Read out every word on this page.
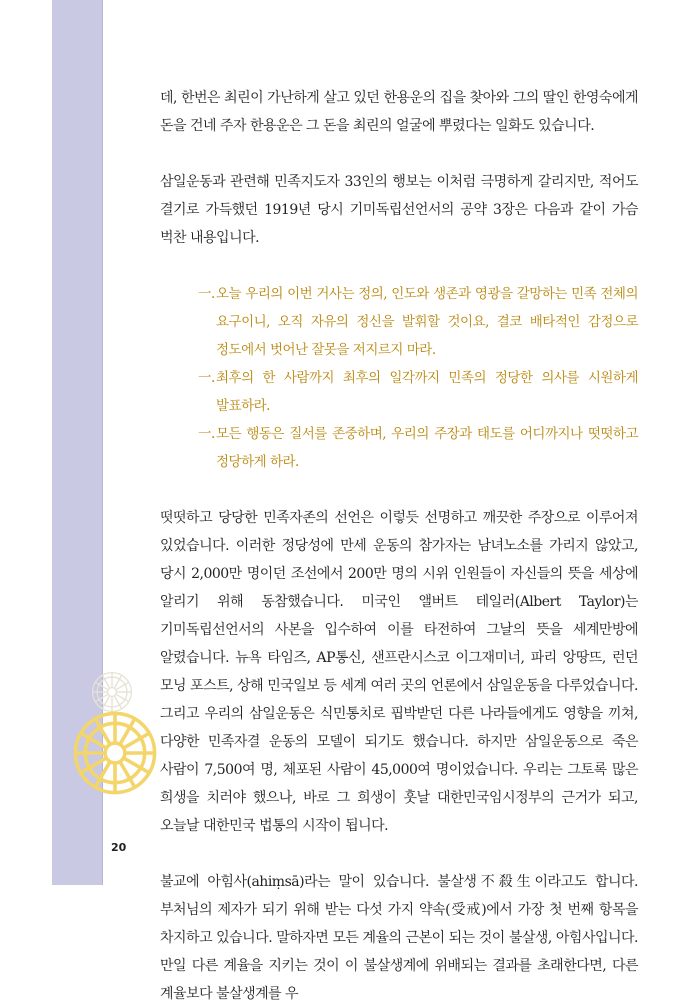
데, 한번은 최린이 가난하게 살고 있던 한용운의 집을 찾아와 그의 딸인 한영숙에게 돈을 건네 주자 한용운은 그 돈을 최린의 얼굴에 뿌렸다는 일화도 있습니다.

삼일운동과 관련해 민족지도자 33인의 행보는 이처럼 극명하게 갈리지만, 적어도 결기로 가득했던 1919년 당시 기미독립선언서의 공약 3장은 다음과 같이 가슴 벅찬 내용입니다.

一. 오늘 우리의 이번 거사는 정의, 인도와 생존과 영광을 갈망하는 민족 전체의 요구이니, 오직 자유의 정신을 발휘할 것이요, 결코 배타적인 감정으로 정도에서 벗어난 잘못을 저지르지 마라.
一. 최후의 한 사람까지 최후의 일각까지 민족의 정당한 의사를 시원하게 발표하라.
一. 모든 행동은 질서를 존중하며, 우리의 주장과 태도를 어디까지나 떳떳하고 정당하게 하라.

떳떳하고 당당한 민족자존의 선언은 이렇듯 선명하고 깨끗한 주장으로 이루어져 있었습니다. 이러한 정당성에 만세 운동의 참가자는 남녀노소를 가리지 않았고, 당시 2,000만 명이던 조선에서 200만 명의 시위 인원들이 자신들의 뜻을 세상에 알리기 위해 동참했습니다. 미국인 앨버트 테일러(Albert Taylor)는 기미독립선언서의 사본을 입수하여 이를 타전하여 그날의 뜻을 세계만방에 알렸습니다. 뉴욕 타임즈, AP통신, 샌프란시스코 이그재미너, 파리 앙땅뜨, 런던 모닝 포스트, 상해 민국일보 등 세계 여러 곳의 언론에서 삼일운동을 다루었습니다. 그리고 우리의 삼일운동은 식민통치로 핍박받던 다른 나라들에게도 영향을 끼쳐, 다양한 민족자결 운동의 모델이 되기도 했습니다. 하지만 삼일운동으로 죽은 사람이 7,500여 명, 체포된 사람이 45,000여 명이었습니다. 우리는 그토록 많은 희생을 치러야 했으나, 바로 그 희생이 훗날 대한민국임시정부의 근거가 되고, 오늘날 대한민국 법통의 시작이 됩니다.

불교에 아힘사(ahiṃsā)라는 말이 있습니다. 불살생不殺生이라고도 합니다. 부처님의 제자가 되기 위해 받는 다섯 가지 약속(受戒)에서 가장 첫 번째 항목을 차지하고 있습니다. 말하자면 모든 계율의 근본이 되는 것이 불살생, 아힘사입니다. 만일 다른 계율을 지키는 것이 이 불살생계에 위배되는 결과를 초래한다면, 다른 계율보다 불살생계를 우

20
